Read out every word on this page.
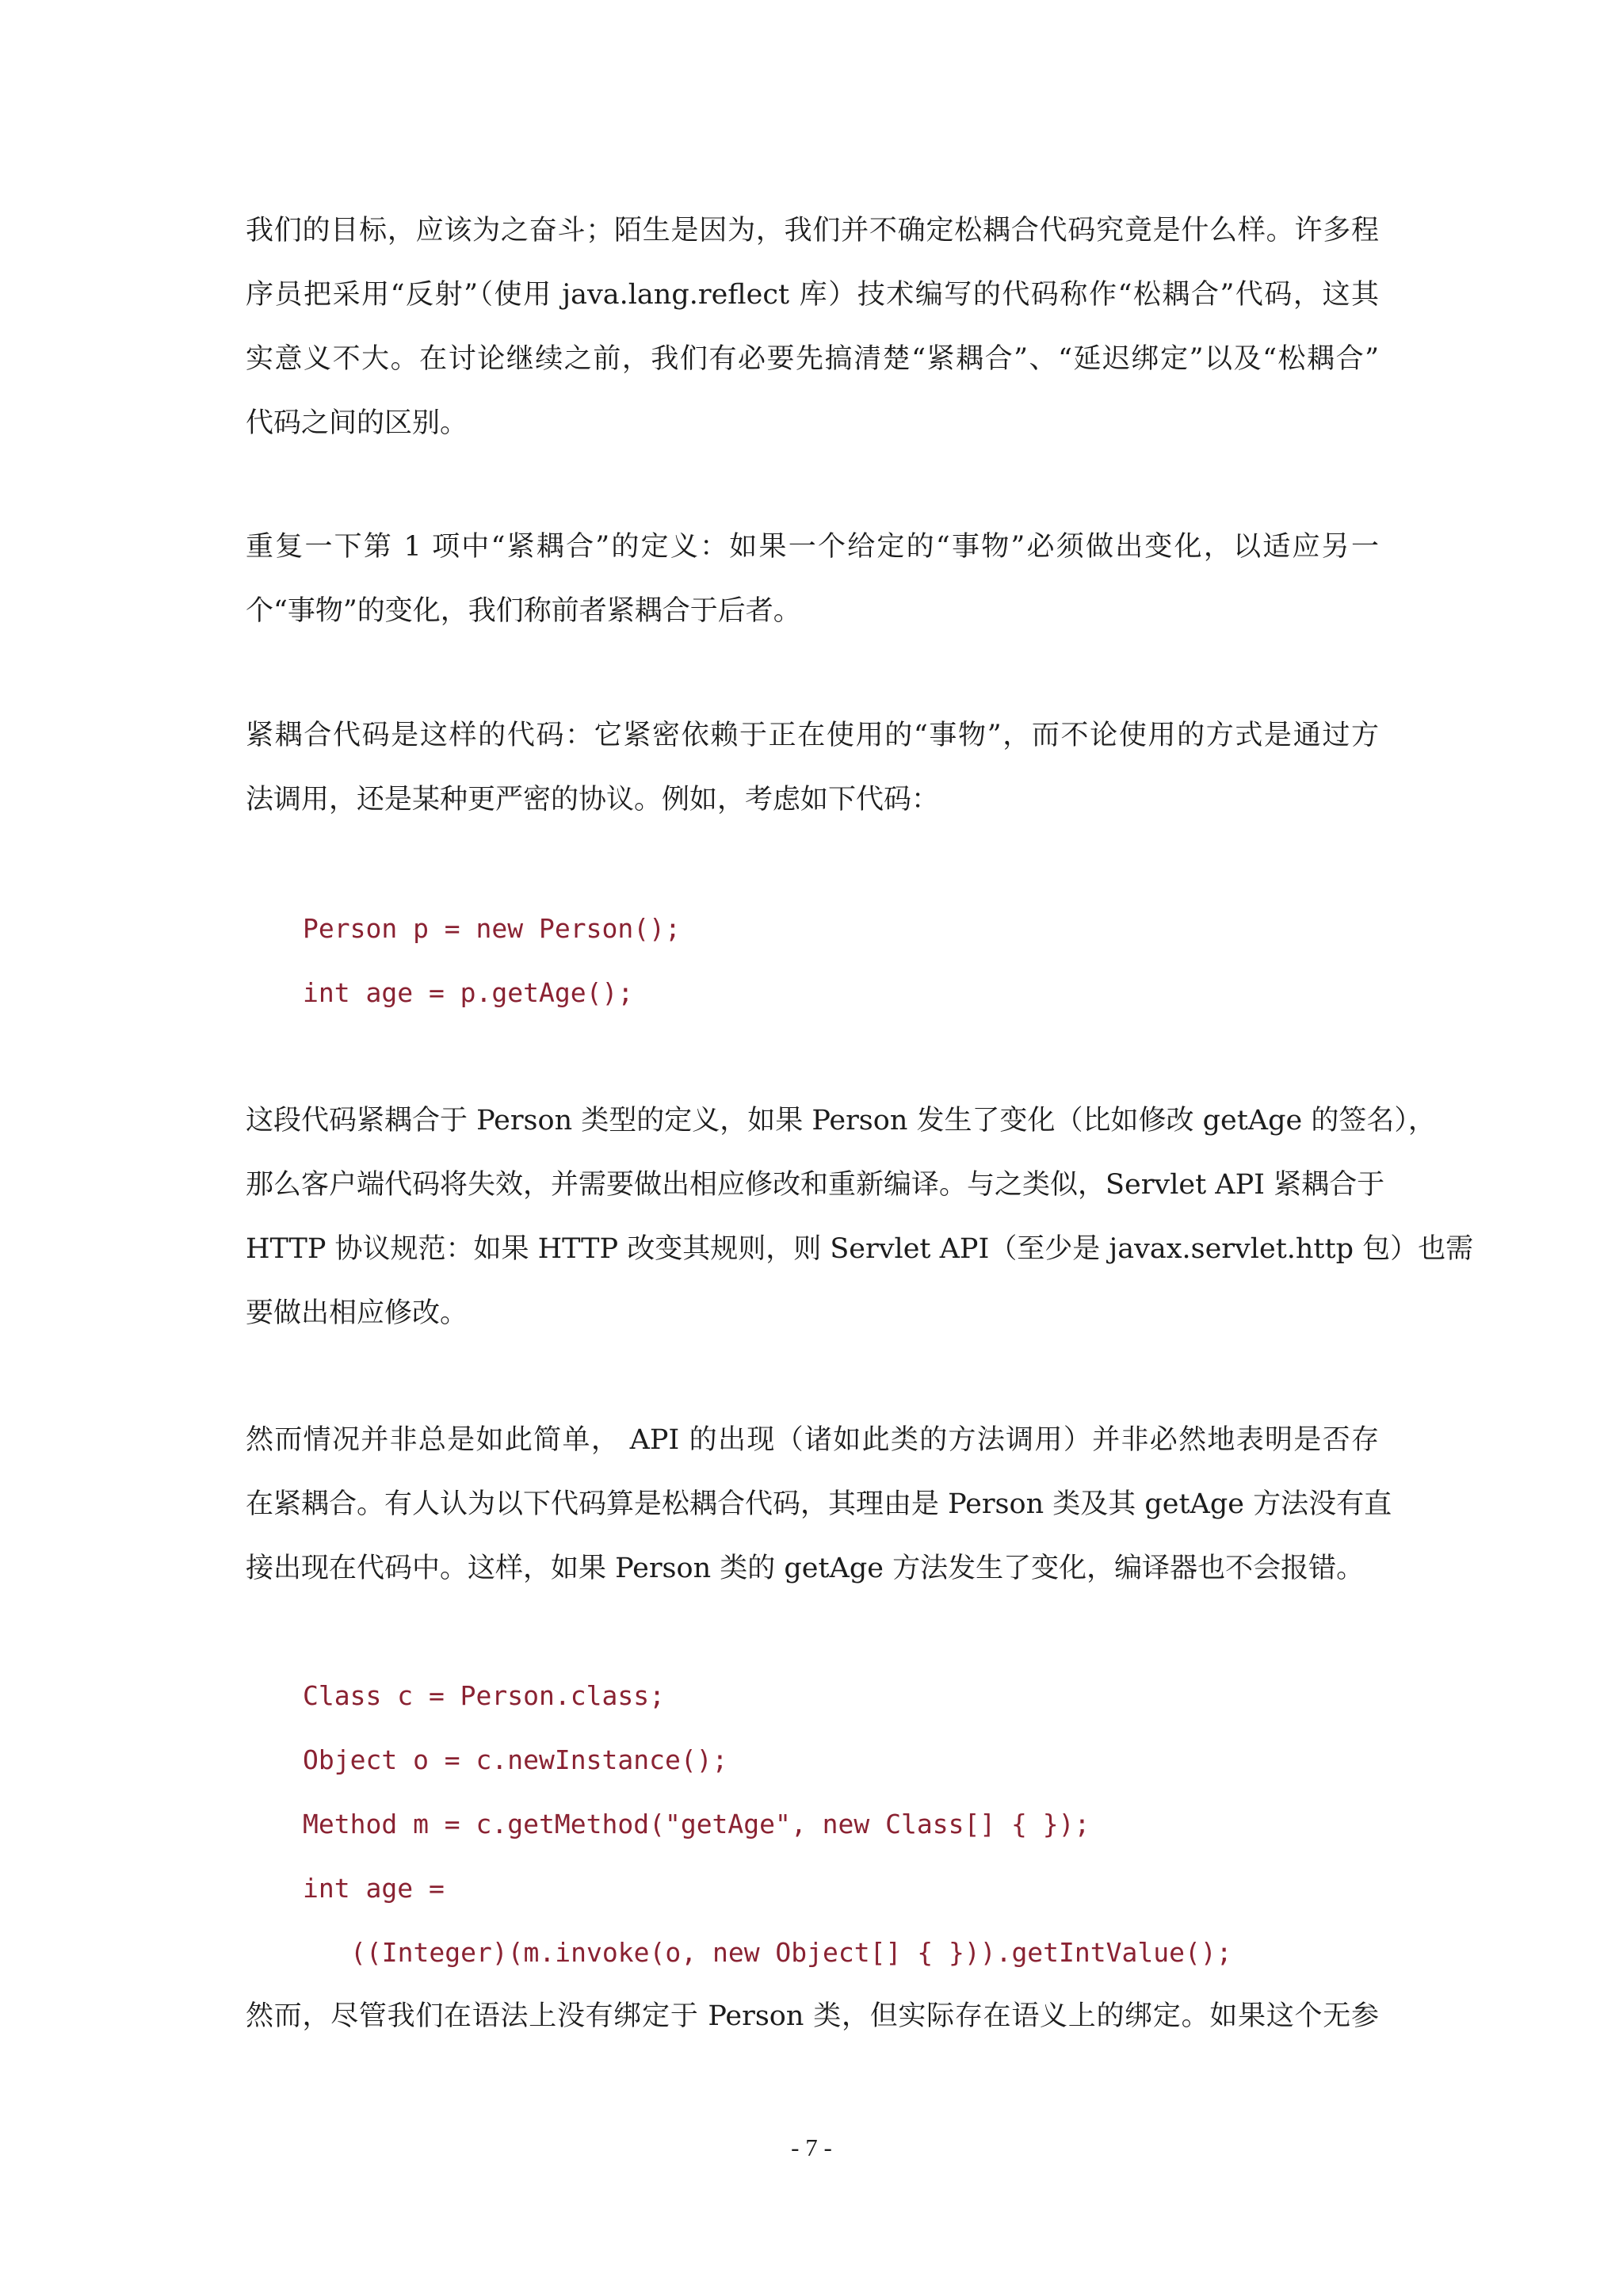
我们的目标，应该为之奋斗；陌生是因为，我们并不确定松耦合代码究竟是什么样。许多程
序员把采用“反射”（使用 java.lang.reflect 库）技术编写的代码称作“松耦合”代码，这其
实意义不大。在讨论继续之前，我们有必要先搞清楚“紧耦合”、“延迟绑定”以及“松耦合”
代码之间的区别。
重复一下第 1 项中“紧耦合”的定义：如果一个给定的“事物”必须做出变化，以适应另一
个“事物”的变化，我们称前者紧耦合于后者。
紧耦合代码是这样的代码：它紧密依赖于正在使用的“事物”，而不论使用的方式是通过方
法调用，还是某种更严密的协议。例如，考虑如下代码：
Person p = new Person();
int age = p.getAge();
这段代码紧耦合于 Person 类型的定义，如果 Person 发生了变化（比如修改 getAge 的签名），
那么客户端代码将失效，并需要做出相应修改和重新编译。与之类似，Servlet API 紧耦合于
HTTP 协议规范：如果 HTTP 改变其规则，则 Servlet API（至少是 javax.servlet.http 包）也需
要做出相应修改。
然而情况并非总是如此简单， API 的出现（诸如此类的方法调用）并非必然地表明是否存
在紧耦合。有人认为以下代码算是松耦合代码，其理由是 Person 类及其 getAge 方法没有直
接出现在代码中。这样，如果 Person 类的 getAge 方法发生了变化，编译器也不会报错。
Class c = Person.class;
Object o = c.newInstance();
Method m = c.getMethod("getAge", new Class[] { });
int age =
((Integer)(m.invoke(o, new Object[] { })).getIntValue();
然而，尽管我们在语法上没有绑定于 Person 类，但实际存在语义上的绑定。如果这个无参
- 7 -
